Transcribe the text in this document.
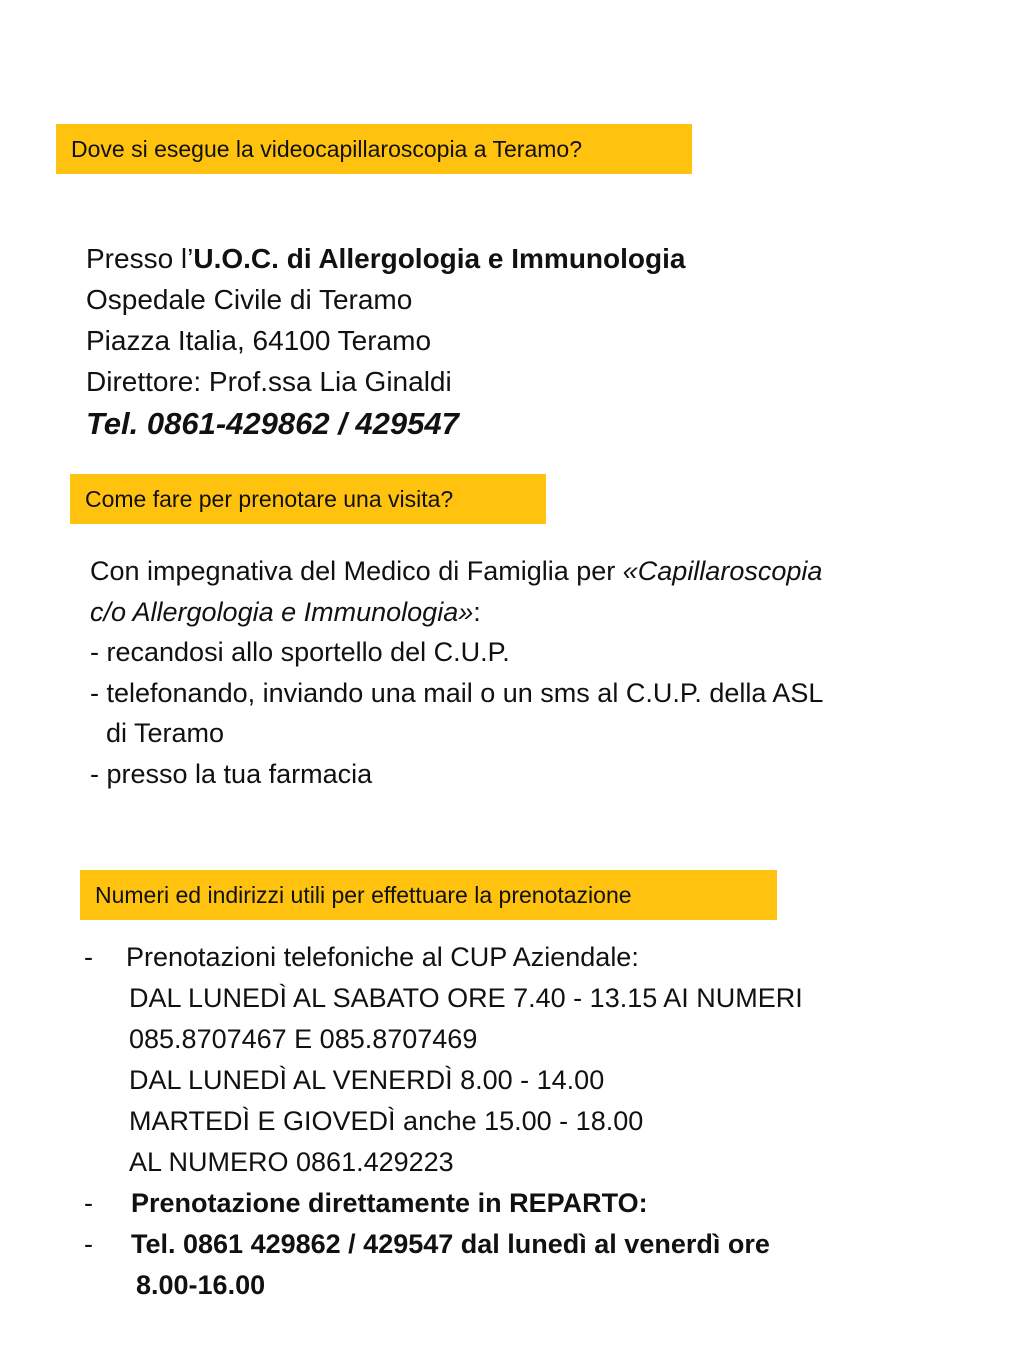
Dove si esegue la videocapillaroscopia a Teramo?
Presso l’U.O.C. di Allergologia e Immunologia
Ospedale Civile di Teramo
Piazza Italia, 64100 Teramo
Direttore: Prof.ssa Lia Ginaldi
Tel. 0861-429862 / 429547
Come fare per prenotare una visita?
Con impegnativa del Medico di Famiglia per «Capillaroscopia
c/o Allergologia e Immunologia»:
- recandosi allo sportello del C.U.P.
- telefonando, inviando una mail o un sms al C.U.P. della ASL
di Teramo
- presso la tua farmacia
Numeri ed indirizzi utili per effettuare la prenotazione
- Prenotazioni telefoniche al CUP Aziendale:
DAL LUNEDÌ AL SABATO ORE 7.40 - 13.15 AI NUMERI
085.8707467 E 085.8707469
DAL LUNEDÌ AL VENERDÌ 8.00 - 14.00
MARTEDÌ E GIOVEDÌ anche 15.00 - 18.00
AL NUMERO 0861.429223
- Prenotazione direttamente in REPARTO:
- Tel. 0861 429862 / 429547 dal lunedì al venerdì ore
8.00-16.00
